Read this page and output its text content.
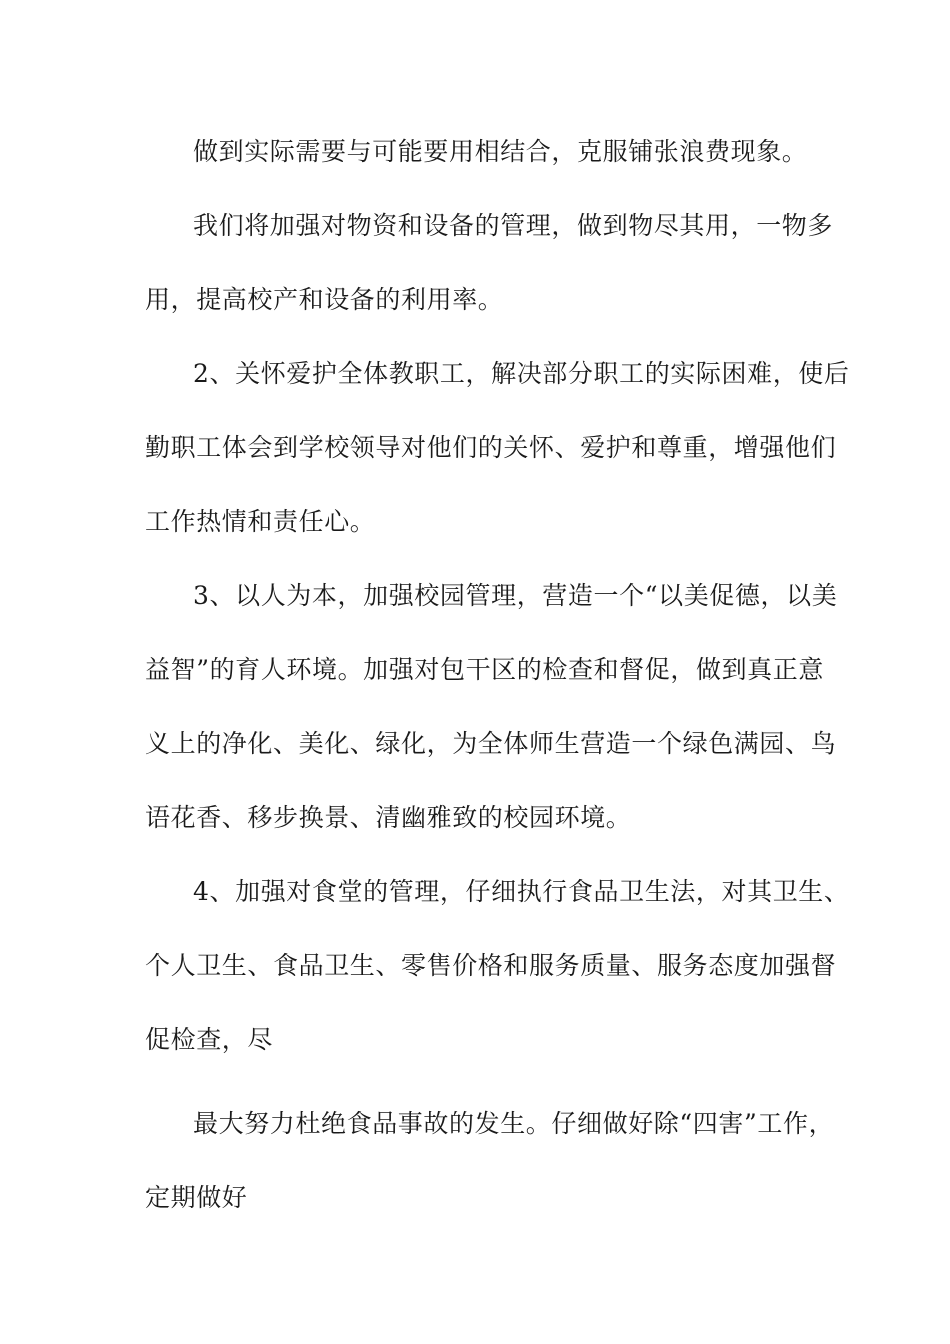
做到实际需要与可能要用相结合，克服铺张浪费现象。
我们将加强对物资和设备的管理，做到物尽其用，一物多
用，提高校产和设备的利用率。
2、关怀爱护全体教职工，解决部分职工的实际困难，使后
勤职工体会到学校领导对他们的关怀、爱护和尊重，增强他们
工作热情和责任心。
3、以人为本，加强校园管理，营造一个“以美促德，以美
益智”的育人环境。加强对包干区的检查和督促，做到真正意
义上的净化、美化、绿化，为全体师生营造一个绿色满园、鸟
语花香、移步换景、清幽雅致的校园环境。
4、加强对食堂的管理，仔细执行食品卫生法，对其卫生、
个人卫生、食品卫生、零售价格和服务质量、服务态度加强督
促检查，尽
最大努力杜绝食品事故的发生。仔细做好除“四害”工作，
定期做好
